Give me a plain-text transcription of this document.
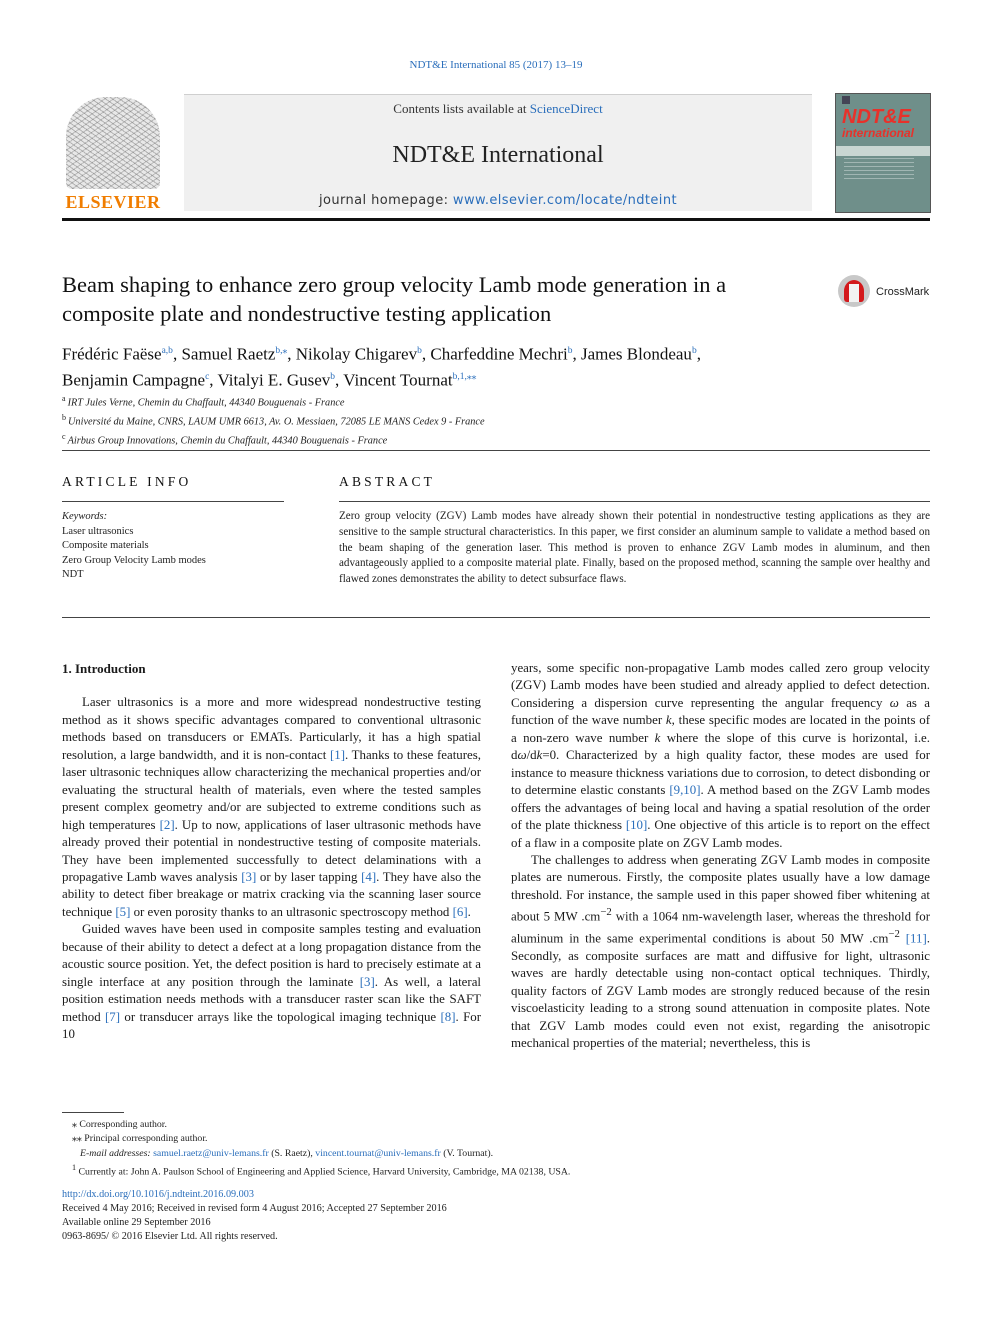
NDT&E International 85 (2017) 13–19
ELSEVIER
Contents lists available at ScienceDirect
NDT&E International
journal homepage: www.elsevier.com/locate/ndteint
NDT&E
international
Beam shaping to enhance zero group velocity Lamb mode generation in a composite plate and nondestructive testing application
CrossMark
Frédéric Faëse$^{a,b}$, Samuel Raetz$^{b,⁎}$, Nikolay Chigarev$^b$, Charfeddine Mechri$^b$, James Blondeau$^b$,
Benjamin Campagne$^c$, Vitalyi E. Gusev$^b$, Vincent Tournat$^{b,1,⁎⁎}$
$^a$ IRT Jules Verne, Chemin du Chaffault, 44340 Bouguenais - France
$^b$ Université du Maine, CNRS, LAUM UMR 6613, Av. O. Messiaen, 72085 LE MANS Cedex 9 - France
$^c$ Airbus Group Innovations, Chemin du Chaffault, 44340 Bouguenais - France
ARTICLE INFO
Keywords:
Laser ultrasonics
Composite materials
Zero Group Velocity Lamb modes
NDT
ABSTRACT
Zero group velocity (ZGV) Lamb modes have already shown their potential in nondestructive testing applications as they are sensitive to the sample structural characteristics. In this paper, we first consider an aluminum sample to validate a method based on the beam shaping of the generation laser. This method is proven to enhance ZGV Lamb modes in aluminum, and then advantageously applied to a composite material plate. Finally, based on the proposed method, scanning the sample over healthy and flawed zones demonstrates the ability to detect subsurface flaws.

1. Introduction

Laser ultrasonics is a more and more widespread nondestructive testing method as it shows specific advantages compared to conventional ultrasonic methods based on transducers or EMATs. Particularly, it has a high spatial resolution, a large bandwidth, and it is non-contact [1]. Thanks to these features, laser ultrasonic techniques allow characterizing the mechanical properties and/or evaluating the structural health of materials, even where the tested samples present complex geometry and/or are subjected to extreme conditions such as high temperatures [2]. Up to now, applications of laser ultrasonic methods have already proved their potential in nondestructive testing of composite materials. They have been implemented successfully to detect delaminations with a propagative Lamb waves analysis [3] or by laser tapping [4]. They have also the ability to detect fiber breakage or matrix cracking via the scanning laser source technique [5] or even porosity thanks to an ultrasonic spectroscopy method [6].

Guided waves have been used in composite samples testing and evaluation because of their ability to detect a defect at a long propagation distance from the acoustic source position. Yet, the defect position is hard to precisely estimate at a single interface at any position through the laminate [3]. As well, a lateral position estimation needs methods with a transducer raster scan like the SAFT method [7] or transducer arrays like the topological imaging technique [8]. For 10

years, some specific non-propagative Lamb modes called zero group velocity (ZGV) Lamb modes have been studied and already applied to defect detection. Considering a dispersion curve representing the angular frequency ω as a function of the wave number k, these specific modes are located in the points of a non-zero wave number k where the slope of this curve is horizontal, i.e. dω/dk=0. Characterized by a high quality factor, these modes are used for instance to measure thickness variations due to corrosion, to detect disbonding or to determine elastic constants [9,10]. A method based on the ZGV Lamb modes offers the advantages of being local and having a spatial resolution of the order of the plate thickness [10]. One objective of this article is to report on the effect of a flaw in a composite plate on ZGV Lamb modes.

The challenges to address when generating ZGV Lamb modes in composite plates are numerous. Firstly, the composite plates usually have a low damage threshold. For instance, the sample used in this paper showed fiber whitening at about 5 MW $.cm^{-2}$ with a 1064 nm-wavelength laser, whereas the threshold for aluminum in the same experimental conditions is about 50 MW $.cm^{-2}$ [11]. Secondly, as composite surfaces are matt and diffusive for light, ultrasonic waves are hardly detectable using non-contact optical techniques. Thirdly, quality factors of ZGV Lamb modes are strongly reduced because of the resin viscoelasticity leading to a strong sound attenuation in composite plates. Note that ZGV Lamb modes could even not exist, regarding the anisotropic mechanical properties of the material; nevertheless, this is

⁎ Corresponding author.
⁎⁎ Principal corresponding author.
E-mail addresses: samuel.raetz@univ-lemans.fr (S. Raetz), vincent.tournat@univ-lemans.fr (V. Tournat).
$^1$ Currently at: John A. Paulson School of Engineering and Applied Science, Harvard University, Cambridge, MA 02138, USA.
http://dx.doi.org/10.1016/j.ndteint.2016.09.003
Received 4 May 2016; Received in revised form 4 August 2016; Accepted 27 September 2016
Available online 29 September 2016
0963-8695/ © 2016 Elsevier Ltd. All rights reserved.
